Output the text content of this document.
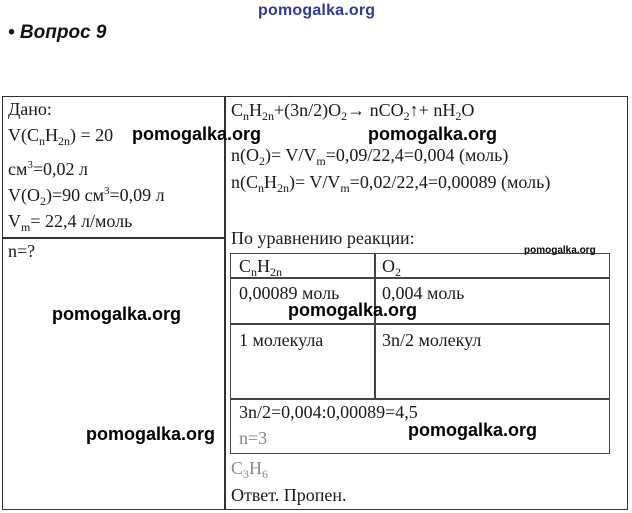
pomogalka.org
• Вопрос 9
Дано:
$V(C_nH_{2n}) = 20$
$см^3=0,02$ л
$V(O_2)=90$ $см^3=0,09$ л
$V_m= 22,4$ л/моль
n=?
$C_nH_{2n}+(3n/2)O_2\to$ nCO$_2$↑+ $nH_2O$
$n(O_2)= V/V_m=0,09/22,4=0,004$ (моль)
$n(C_nH_{2n})= V/V_m=0,02/22,4=0,00089$ (моль)
По уравнению реакции:
$C_nH_{2n}$	$O_2$
0,00089 моль 0,004 моль
1 молекула	3n/2 молекул
3n/2=0,004:0,00089=4,5
n=3
$C_3H_6$
Ответ. Пропен.
pomogalka.org	pomogalka.org
pomogalka.org
pomogalka.org
pomogalka.org
pomogalka.org	pomogalka.org
